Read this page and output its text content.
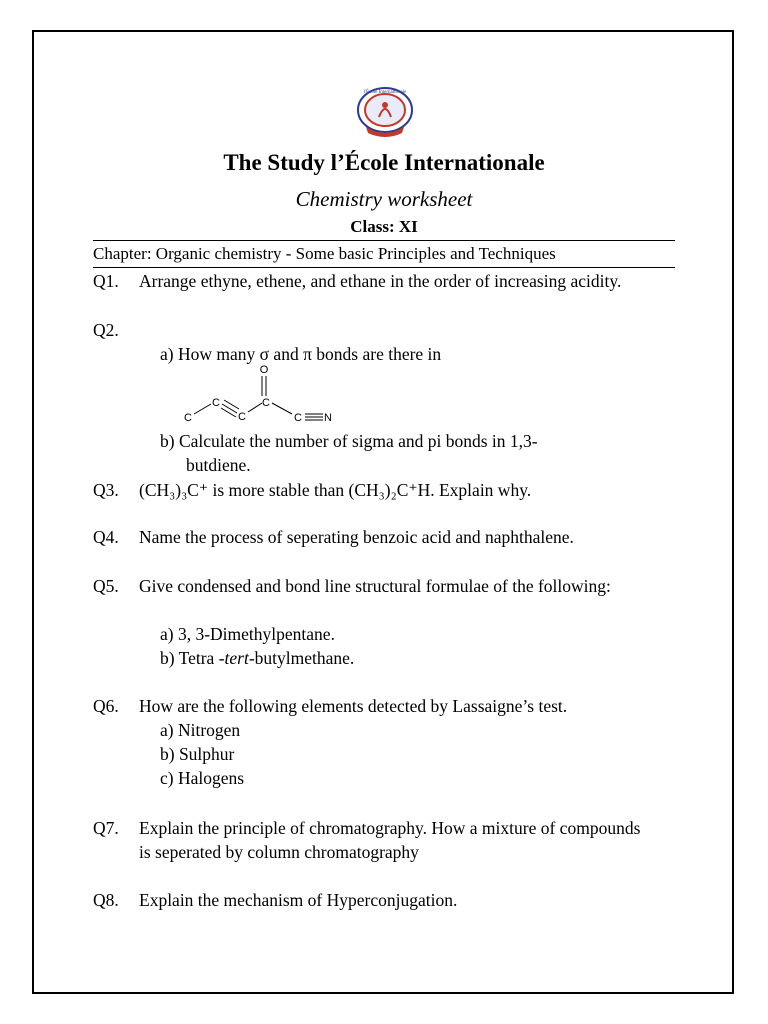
l'École Internationale
The Study l’École Internationale
Chemistry worksheet
Class: XI
Chapter: Organic chemistry - Some basic Principles and Techniques
Q1. Arrange ethyne, ethene, and ethane in the order of increasing acidity.
Q2.
a) How many σ and π bonds are there in
O
C
C
C
C
C N
b) Calculate the number of sigma and pi bonds in 1,3-
butdiene.
Q3. (CH₃)₃C⁺ is more stable than (CH₃)₂C⁺H. Explain why.
Q4. Name the process of seperating benzoic acid and naphthalene.
Q5. Give condensed and bond line structural formulae of the following:
a) 3, 3-Dimethylpentane.
b) Tetra -tert-butylmethane.
Q6. How are the following elements detected by Lassaigne’s test.
a) Nitrogen
b) Sulphur
c) Halogens
Q7. Explain the principle of chromatography. How a mixture of compounds is seperated by column chromatography
Q8. Explain the mechanism of Hyperconjugation.
